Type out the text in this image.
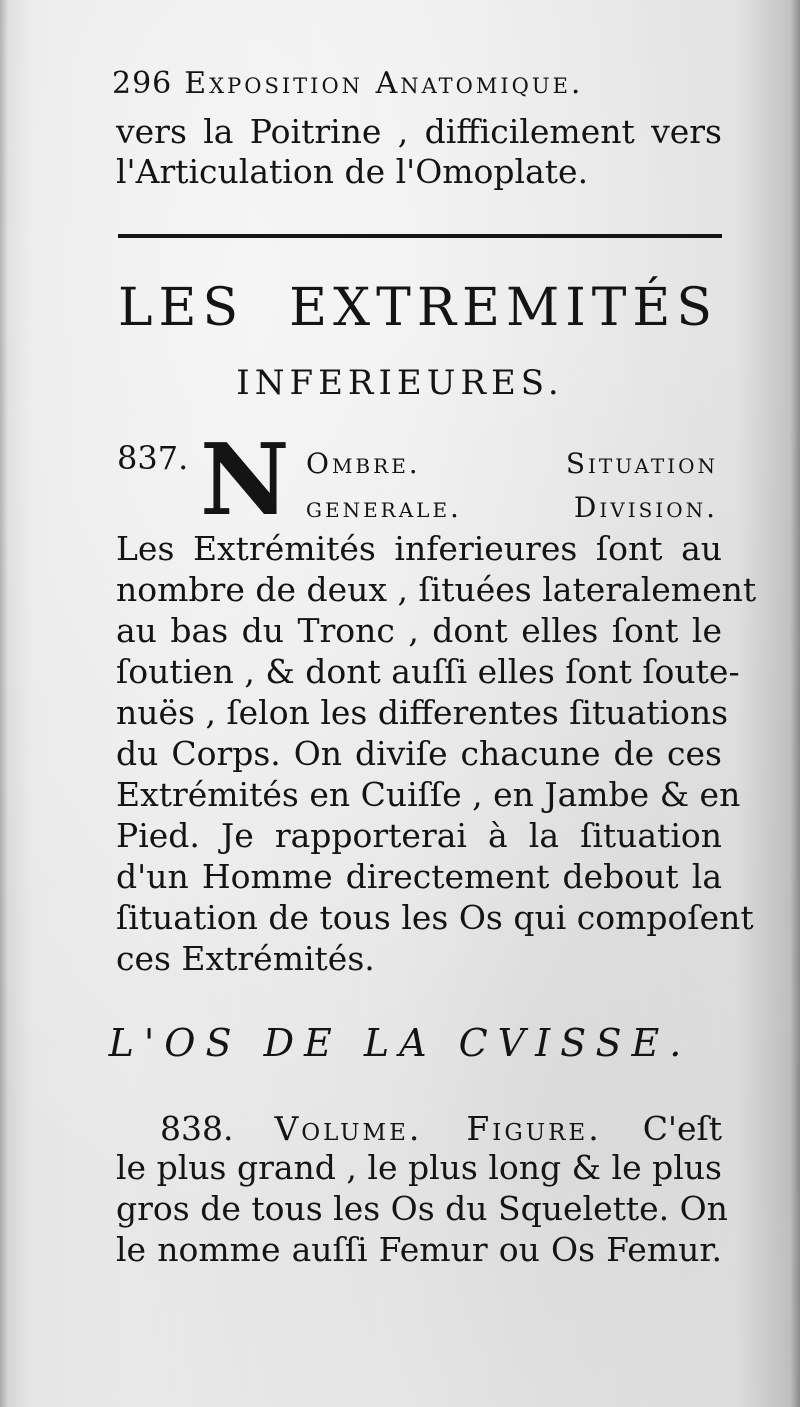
296 Exposition Anatomique.
vers la Poitrine , difficilement vers
l'Articulation de l'Omoplate.
LES EXTREMITÉS
INFERIEURES.
837. N Ombre. Situation
generale. Division.
Les Extrémités inferieures ſont au
nombre de deux , ſituées lateralement
au bas du Tronc , dont elles ſont le
ſoutien , & dont auſſi elles ſont ſoute-
nuës , ſelon les differentes ſituations
du Corps. On diviſe chacune de ces
Extrémités en Cuiſſe , en Jambe & en
Pied. Je rapporterai à la ſituation
d'un Homme directement debout la
ſituation de tous les Os qui compoſent
ces Extrémités.
L'OS DE LA CVISSE.
838. Volume. Figure. C'eſt
le plus grand , le plus long & le plus
gros de tous les Os du Squelette. On
le nomme auſſi Femur ou Os Femur.
